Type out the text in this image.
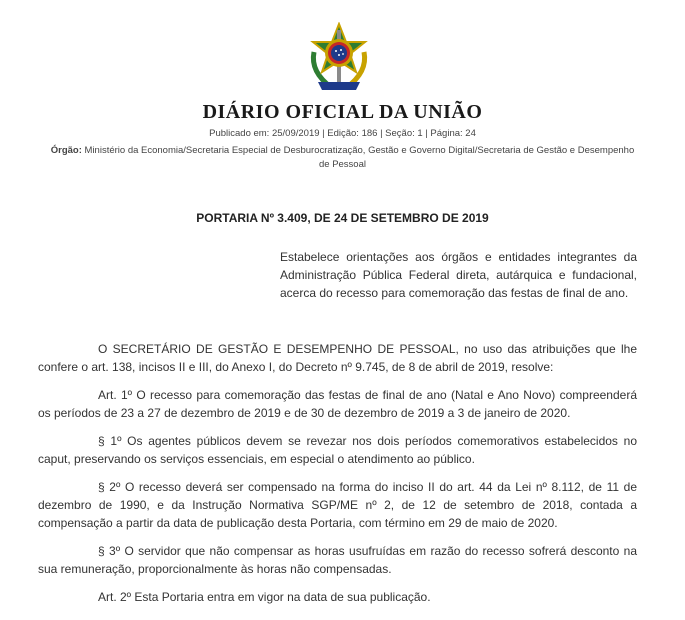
DIÁRIO OFICIAL DA UNIÃO
Publicado em: 25/09/2019 | Edição: 186 | Seção: 1 | Página: 24
Órgão: Ministério da Economia/Secretaria Especial de Desburocratização, Gestão e Governo Digital/Secretaria de Gestão e Desempenho de Pessoal
PORTARIA Nº 3.409, DE 24 DE SETEMBRO DE 2019
Estabelece orientações aos órgãos e entidades integrantes da Administração Pública Federal direta, autárquica e fundacional, acerca do recesso para comemoração das festas de final de ano.

O SECRETÁRIO DE GESTÃO E DESEMPENHO DE PESSOAL, no uso das atribuições que lhe confere o art. 138, incisos II e III, do Anexo I, do Decreto nº 9.745, de 8 de abril de 2019, resolve:

Art. 1º O recesso para comemoração das festas de final de ano (Natal e Ano Novo) compreenderá os períodos de 23 a 27 de dezembro de 2019 e de 30 de dezembro de 2019 a 3 de janeiro de 2020.

§ 1º Os agentes públicos devem se revezar nos dois períodos comemorativos estabelecidos no caput, preservando os serviços essenciais, em especial o atendimento ao público.

§ 2º O recesso deverá ser compensado na forma do inciso II do art. 44 da Lei nº 8.112, de 11 de dezembro de 1990, e da Instrução Normativa SGP/ME nº 2, de 12 de setembro de 2018, contada a compensação a partir da data de publicação desta Portaria, com término em 29 de maio de 2020.

§ 3º O servidor que não compensar as horas usufruídas em razão do recesso sofrerá desconto na sua remuneração, proporcionalmente às horas não compensadas.

Art. 2º Esta Portaria entra em vigor na data de sua publicação.
